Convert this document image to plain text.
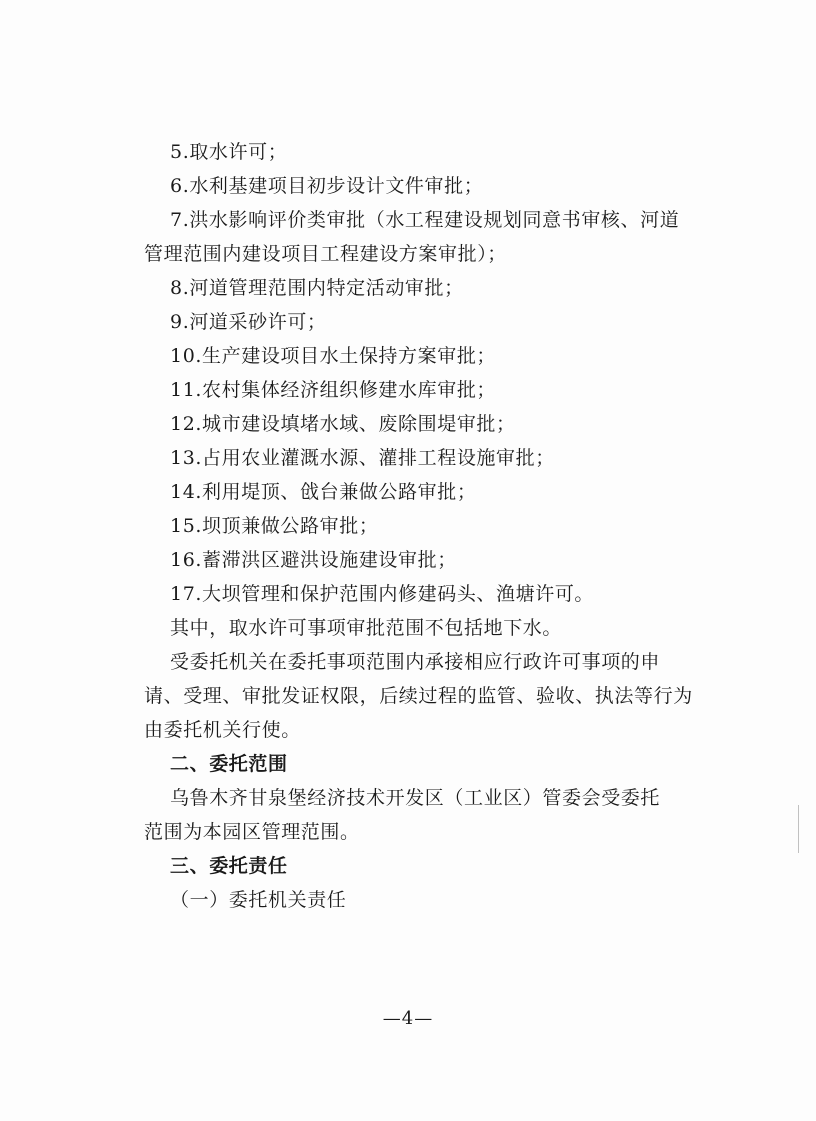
5.取水许可；
6.水利基建项目初步设计文件审批；
7.洪水影响评价类审批（水工程建设规划同意书审核、河道
管理范围内建设项目工程建设方案审批）；
8.河道管理范围内特定活动审批；
9.河道采砂许可；
10.生产建设项目水土保持方案审批；
11.农村集体经济组织修建水库审批；
12.城市建设填堵水域、废除围堤审批；
13.占用农业灌溉水源、灌排工程设施审批；
14.利用堤顶、戗台兼做公路审批；
15.坝顶兼做公路审批；
16.蓄滞洪区避洪设施建设审批；
17.大坝管理和保护范围内修建码头、渔塘许可。
其中，取水许可事项审批范围不包括地下水。
受委托机关在委托事项范围内承接相应行政许可事项的申
请、受理、审批发证权限，后续过程的监管、验收、执法等行为
由委托机关行使。
二、委托范围
乌鲁木齐甘泉堡经济技术开发区（工业区）管委会受委托
范围为本园区管理范围。
三、委托责任
（一）委托机关责任
—4—
